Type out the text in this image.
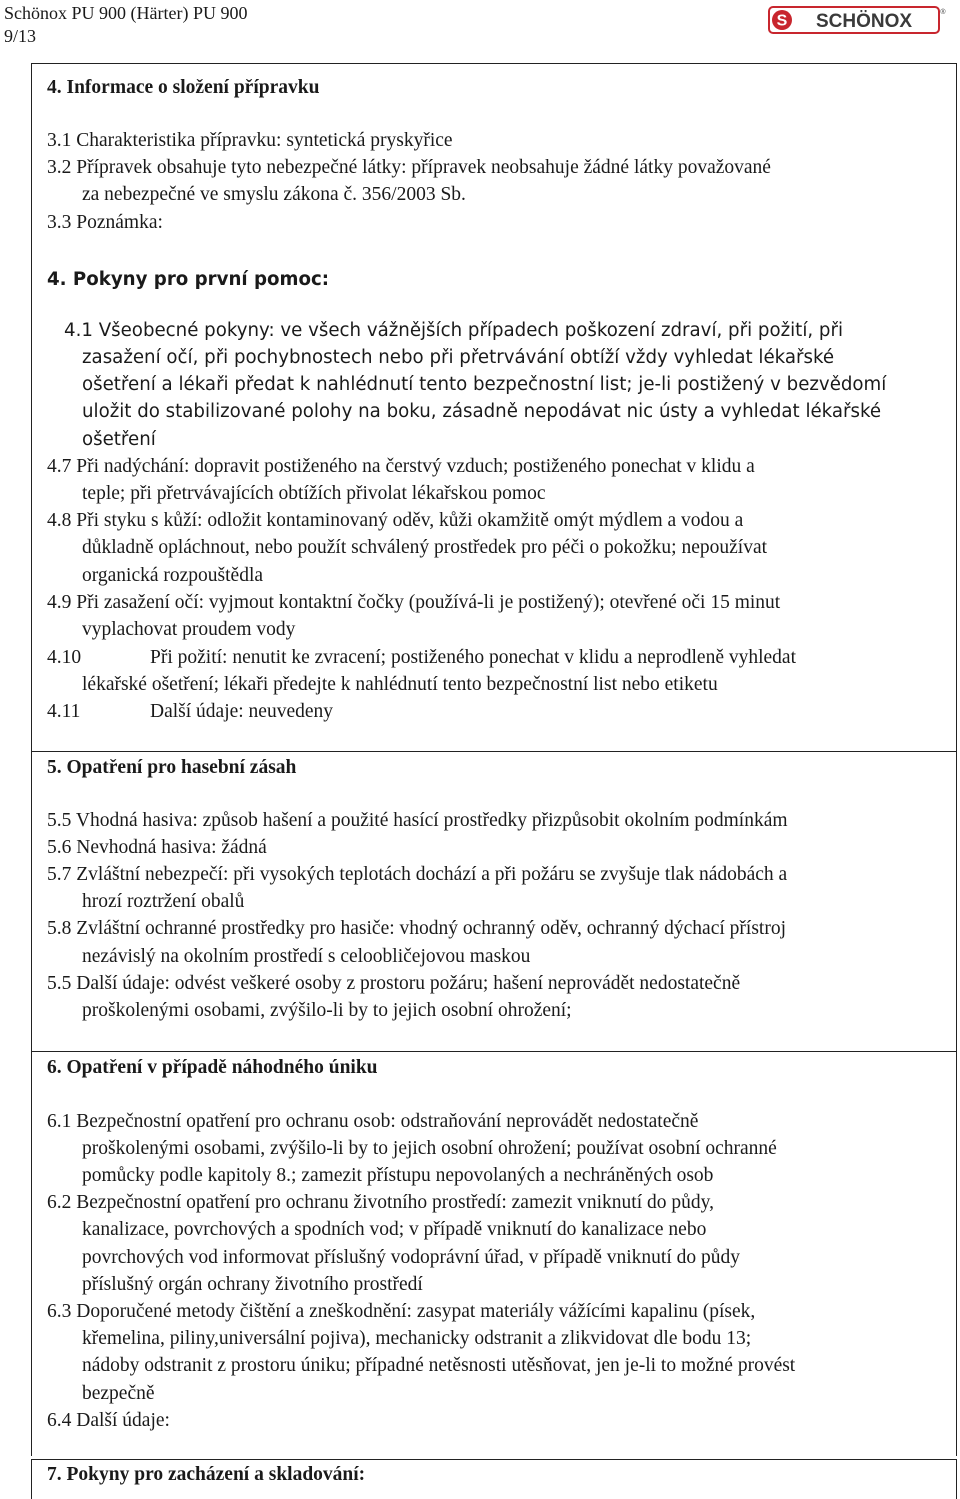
Schönox PU 900 (Härter) PU 900
9/13
S SCHÖNOX	®
4. Informace o složení přípravku
3.1 Charakteristika přípravku: syntetická pryskyřice
3.2 Přípravek obsahuje tyto nebezpečné látky: přípravek neobsahuje žádné látky považované
za nebezpečné ve smyslu zákona č. 356/2003 Sb.
3.3 Poznámka:
4. Pokyny pro první pomoc:
4.1 Všeobecné pokyny: ve všech vážnějších případech poškození zdraví, při požití, při
zasažení očí, při pochybnostech nebo při přetrvávání obtíží vždy vyhledat lékařské
ošetření a lékaři předat k nahlédnutí tento bezpečnostní list; je-li postižený v bezvědomí
uložit do stabilizované polohy na boku, zásadně nepodávat nic ústy a vyhledat lékařské
ošetření
4.7 Při nadýchání: dopravit postiženého na čerstvý vzduch; postiženého ponechat v klidu a
teple; při přetrvávajících obtížích přivolat lékařskou pomoc
4.8 Při styku s kůží: odložit kontaminovaný oděv, kůži okamžitě omýt mýdlem a vodou a
důkladně opláchnout, nebo použít schválený prostředek pro péči o pokožku; nepoužívat
organická rozpouštědla
4.9 Při zasažení očí: vyjmout kontaktní čočky (používá-li je postižený); otevřené oči 15 minut
vyplachovat proudem vody
4.10	Při požití: nenutit ke zvracení; postiženého ponechat v klidu a neprodleně vyhledat
lékařské ošetření; lékaři předejte k nahlédnutí tento bezpečnostní list nebo etiketu
4.11	Další údaje: neuvedeny
5. Opatření pro hasební zásah
5.5 Vhodná hasiva: způsob hašení a použité hasící prostředky přizpůsobit okolním podmínkám
5.6 Nevhodná hasiva: žádná
5.7 Zvláštní nebezpečí: při vysokých teplotách dochází a při požáru se zvyšuje tlak nádobách a
hrozí roztržení obalů
5.8 Zvláštní ochranné prostředky pro hasiče: vhodný ochranný oděv, ochranný dýchací přístroj
nezávislý na okolním prostředí s celoobličejovou maskou
5.5 Další údaje: odvést veškeré osoby z prostoru požáru; hašení neprovádět nedostatečně
proškolenými osobami, zvýšilo-li by to jejich osobní ohrožení;
6. Opatření v případě náhodného úniku
6.1 Bezpečnostní opatření pro ochranu osob: odstraňování neprovádět nedostatečně
proškolenými osobami, zvýšilo-li by to jejich osobní ohrožení; používat osobní ochranné
pomůcky podle kapitoly 8.; zamezit přístupu nepovolaných a nechráněných osob
6.2 Bezpečnostní opatření pro ochranu životního prostředí: zamezit vniknutí do půdy,
kanalizace, povrchových a spodních vod; v případě vniknutí do kanalizace nebo
povrchových vod informovat příslušný vodoprávní úřad, v případě vniknutí do půdy
příslušný orgán ochrany životního prostředí
6.3 Doporučené metody čištění a zneškodnění: zasypat materiály vážícími kapalinu (písek,
křemelina, piliny,universální pojiva), mechanicky odstranit a zlikvidovat dle bodu 13;
nádoby odstranit z prostoru úniku; případné netěsnosti utěsňovat, jen je-li to možné provést
bezpečně
6.4 Další údaje:
7. Pokyny pro zacházení a skladování:
